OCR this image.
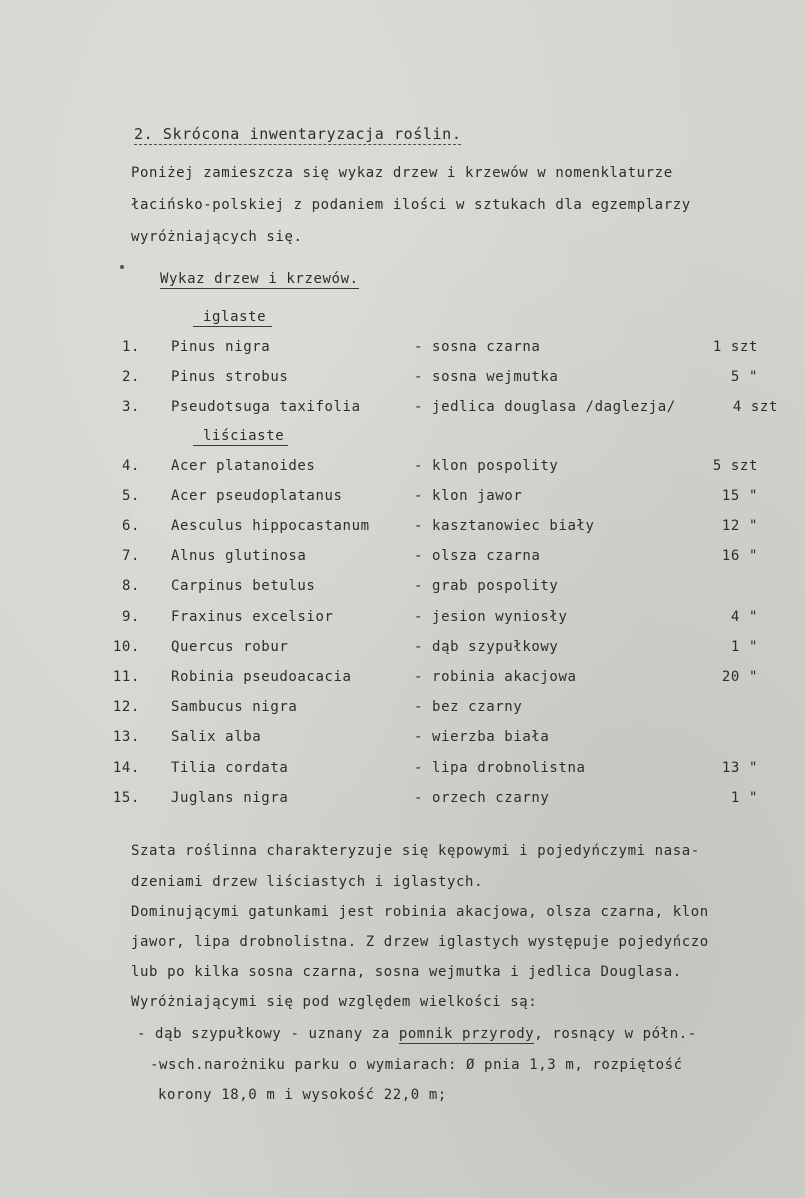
2. Skrócona inwentaryzacja roślin.
Poniżej zamieszcza się wykaz drzew i krzewów w nomenklaturze
łacińsko-polskiej z podaniem ilości w sztukach dla egzemplarzy
wyróżniających się.
Wykaz drzew i krzewów.
iglaste
liściaste
1. Pinus nigra	- sosna czarna	1 szt
2. Pinus strobus	- sosna wejmutka	5 "
3. Pseudotsuga taxifolia	- jedlica douglasa /daglezja/	4 szt
4. Acer platanoides	- klon pospolity	5 szt
5. Acer pseudoplatanus	- klon jawor	15 "
6. Aesculus hippocastanum	- kasztanowiec biały	12 "
7. Alnus glutinosa	- olsza czarna	16 "
8. Carpinus betulus	- grab pospolity
9. Fraxinus excelsior	- jesion wyniosły	4 "
10. Quercus robur	- dąb szypułkowy	1 "
11. Robinia pseudoacacia	- robinia akacjowa	20 "
12. Sambucus nigra	- bez czarny
13. Salix alba	- wierzba biała
14. Tilia cordata	- lipa drobnolistna	13 "
15. Juglans nigra	- orzech czarny	1 "
Szata roślinna charakteryzuje się kępowymi i pojedyńczymi nasa-
dzeniami drzew liściastych i iglastych.
Dominującymi gatunkami jest robinia akacjowa, olsza czarna, klon
jawor, lipa drobnolistna. Z drzew iglastych występuje pojedyńczo
lub po kilka sosna czarna, sosna wejmutka i jedlica Douglasa.
Wyróżniającymi się pod względem wielkości są:
- dąb szypułkowy - uznany za pomnik przyrody, rosnący w półn.-
-wsch.narożniku parku o wymiarach: Ø pnia 1,3 m, rozpiętość
korony 18,0 m i wysokość 22,0 m;
